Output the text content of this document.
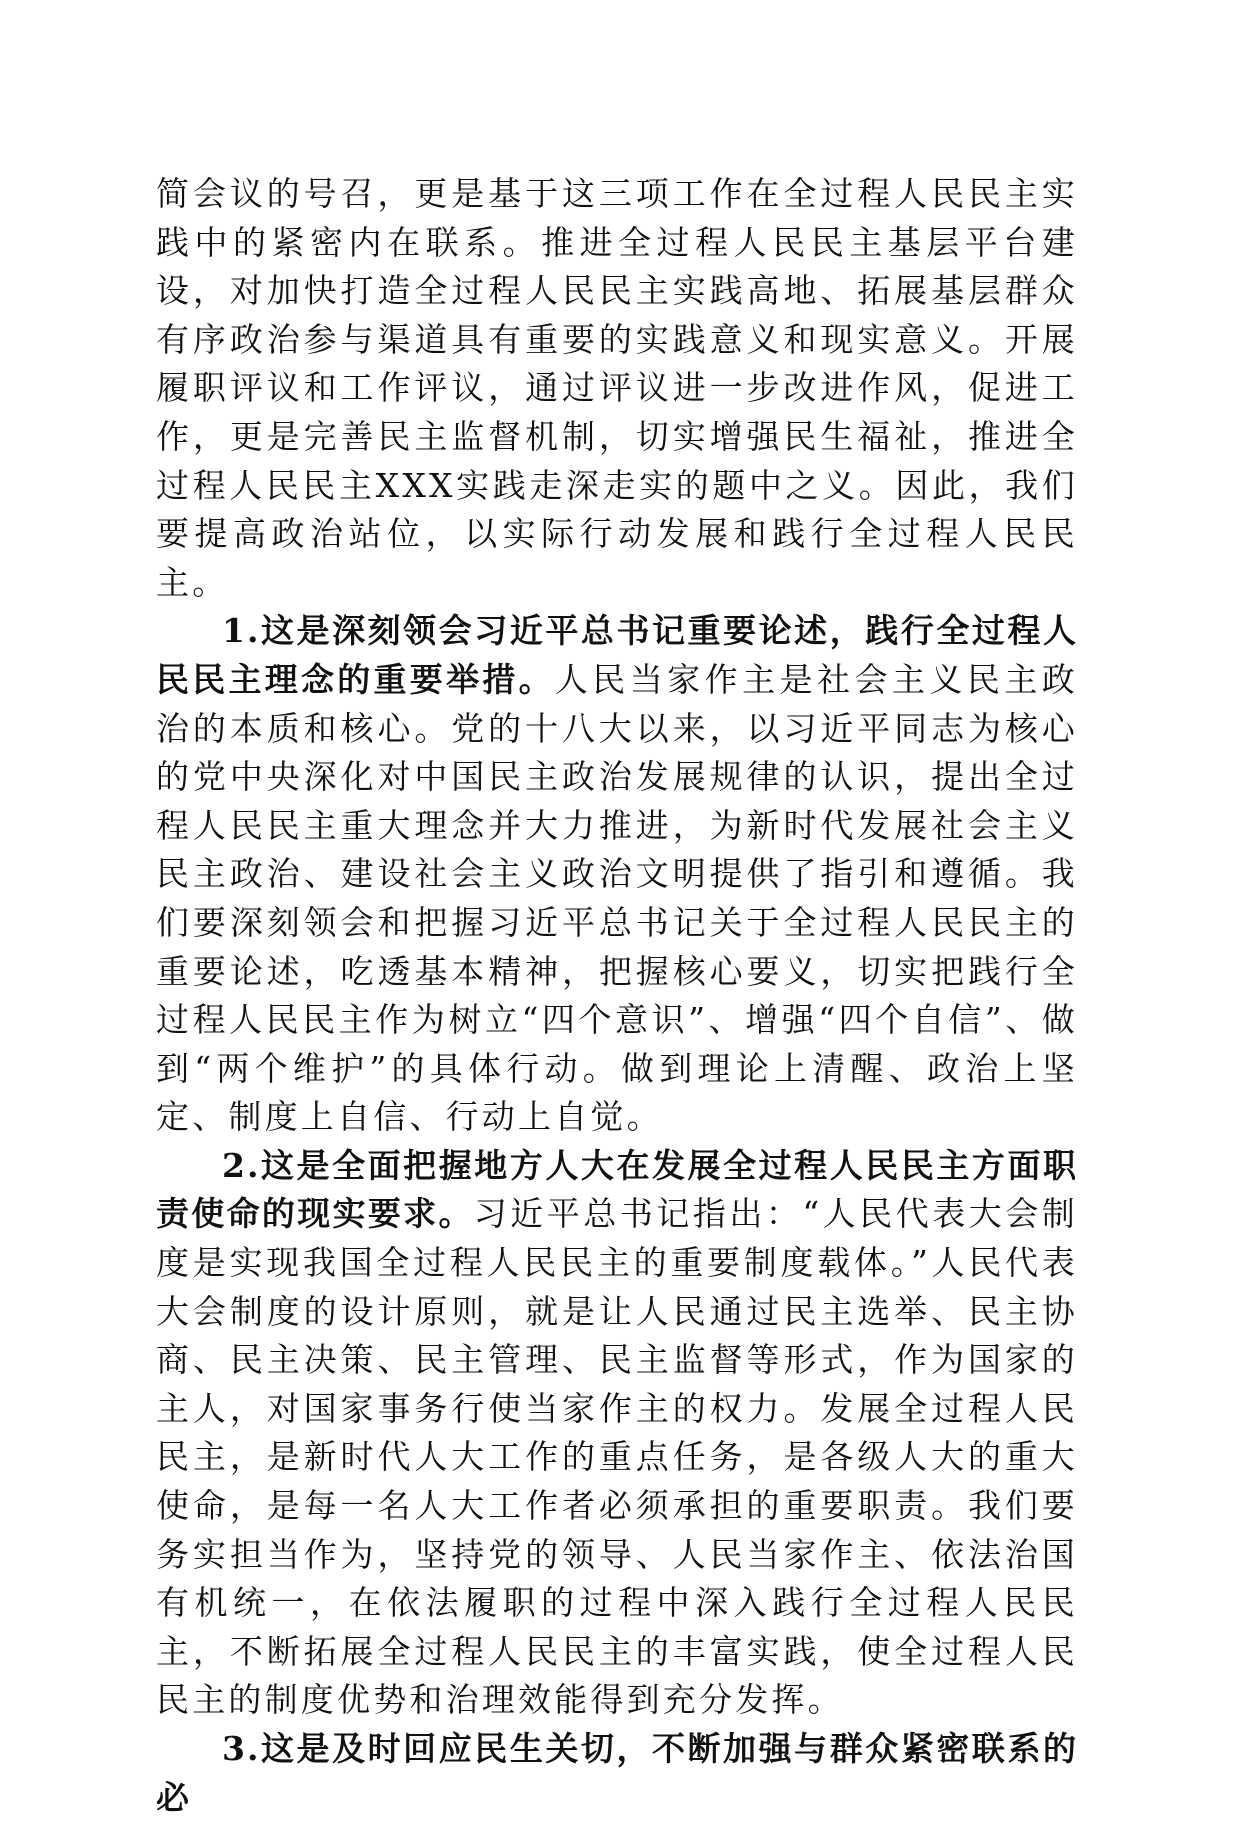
简会议的号召，更是基于这三项工作在全过程人民民主实践中的紧密内在联系。推进全过程人民民主基层平台建设，对加快打造全过程人民民主实践高地、拓展基层群众有序政治参与渠道具有重要的实践意义和现实意义。开展履职评议和工作评议，通过评议进一步改进作风，促进工作，更是完善民主监督机制，切实增强民生福祉，推进全过程人民民主XXX实践走深走实的题中之义。因此，我们要提高政治站位，以实际行动发展和践行全过程人民民主。

1.这是深刻领会习近平总书记重要论述，践行全过程人民民主理念的重要举措。人民当家作主是社会主义民主政治的本质和核心。党的十八大以来，以习近平同志为核心的党中央深化对中国民主政治发展规律的认识，提出全过程人民民主重大理念并大力推进，为新时代发展社会主义民主政治、建设社会主义政治文明提供了指引和遵循。我们要深刻领会和把握习近平总书记关于全过程人民民主的重要论述，吃透基本精神，把握核心要义，切实把践行全过程人民民主作为树立“四个意识”、增强“四个自信”、做到“两个维护”的具体行动。做到理论上清醒、政治上坚定、制度上自信、行动上自觉。

2.这是全面把握地方人大在发展全过程人民民主方面职责使命的现实要求。习近平总书记指出：“人民代表大会制度是实现我国全过程人民民主的重要制度载体。”人民代表大会制度的设计原则，就是让人民通过民主选举、民主协商、民主决策、民主管理、民主监督等形式，作为国家的主人，对国家事务行使当家作主的权力。发展全过程人民民主，是新时代人大工作的重点任务，是各级人大的重大使命，是每一名人大工作者必须承担的重要职责。我们要务实担当作为，坚持党的领导、人民当家作主、依法治国有机统一，在依法履职的过程中深入践行全过程人民民主，不断拓展全过程人民民主的丰富实践，使全过程人民民主的制度优势和治理效能得到充分发挥。

3.这是及时回应民生关切，不断加强与群众紧密联系的必
